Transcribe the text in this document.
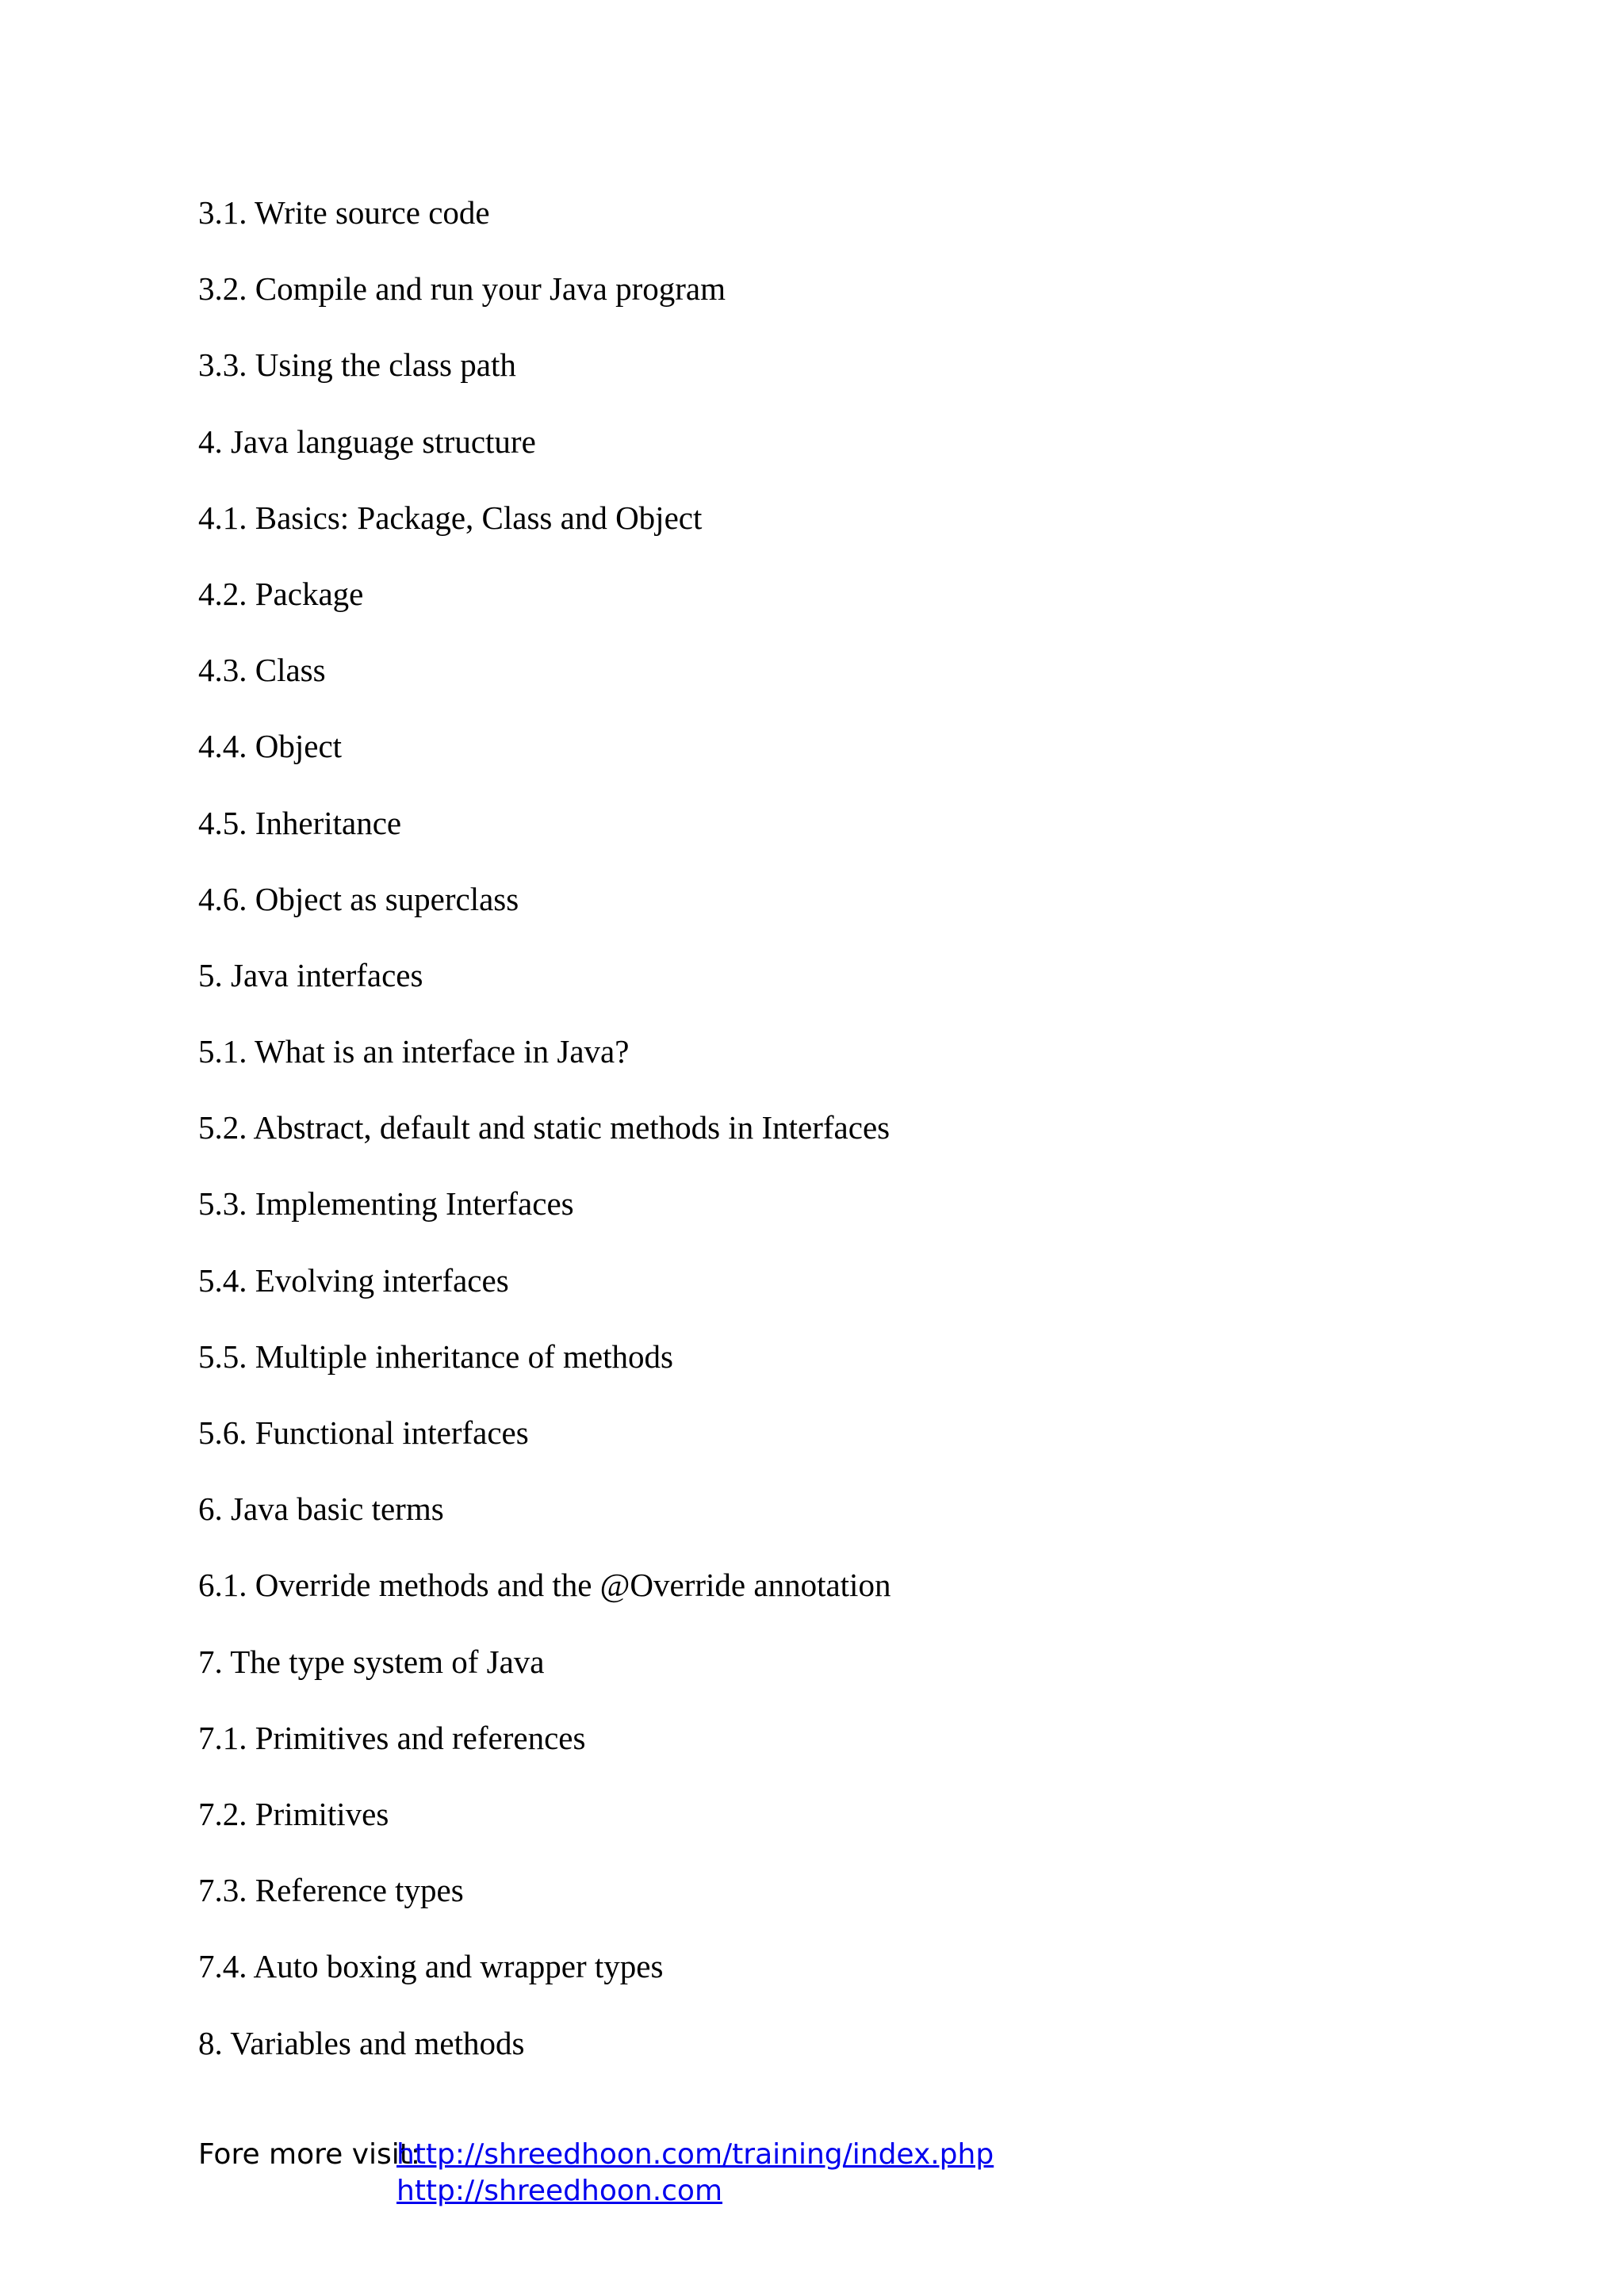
3.1. Write source code
3.2. Compile and run your Java program
3.3. Using the class path
4. Java language structure
4.1. Basics: Package, Class and Object
4.2. Package
4.3. Class
4.4. Object
4.5. Inheritance
4.6. Object as superclass
5. Java interfaces
5.1. What is an interface in Java?
5.2. Abstract, default and static methods in Interfaces
5.3. Implementing Interfaces
5.4. Evolving interfaces
5.5. Multiple inheritance of methods
5.6. Functional interfaces
6. Java basic terms
6.1. Override methods and the @Override annotation
7. The type system of Java
7.1. Primitives and references
7.2. Primitives
7.3. Reference types
7.4. Auto boxing and wrapper types
8. Variables and methods
Fore more visit:
http://shreedhoon.com/training/index.php
http://shreedhoon.com
